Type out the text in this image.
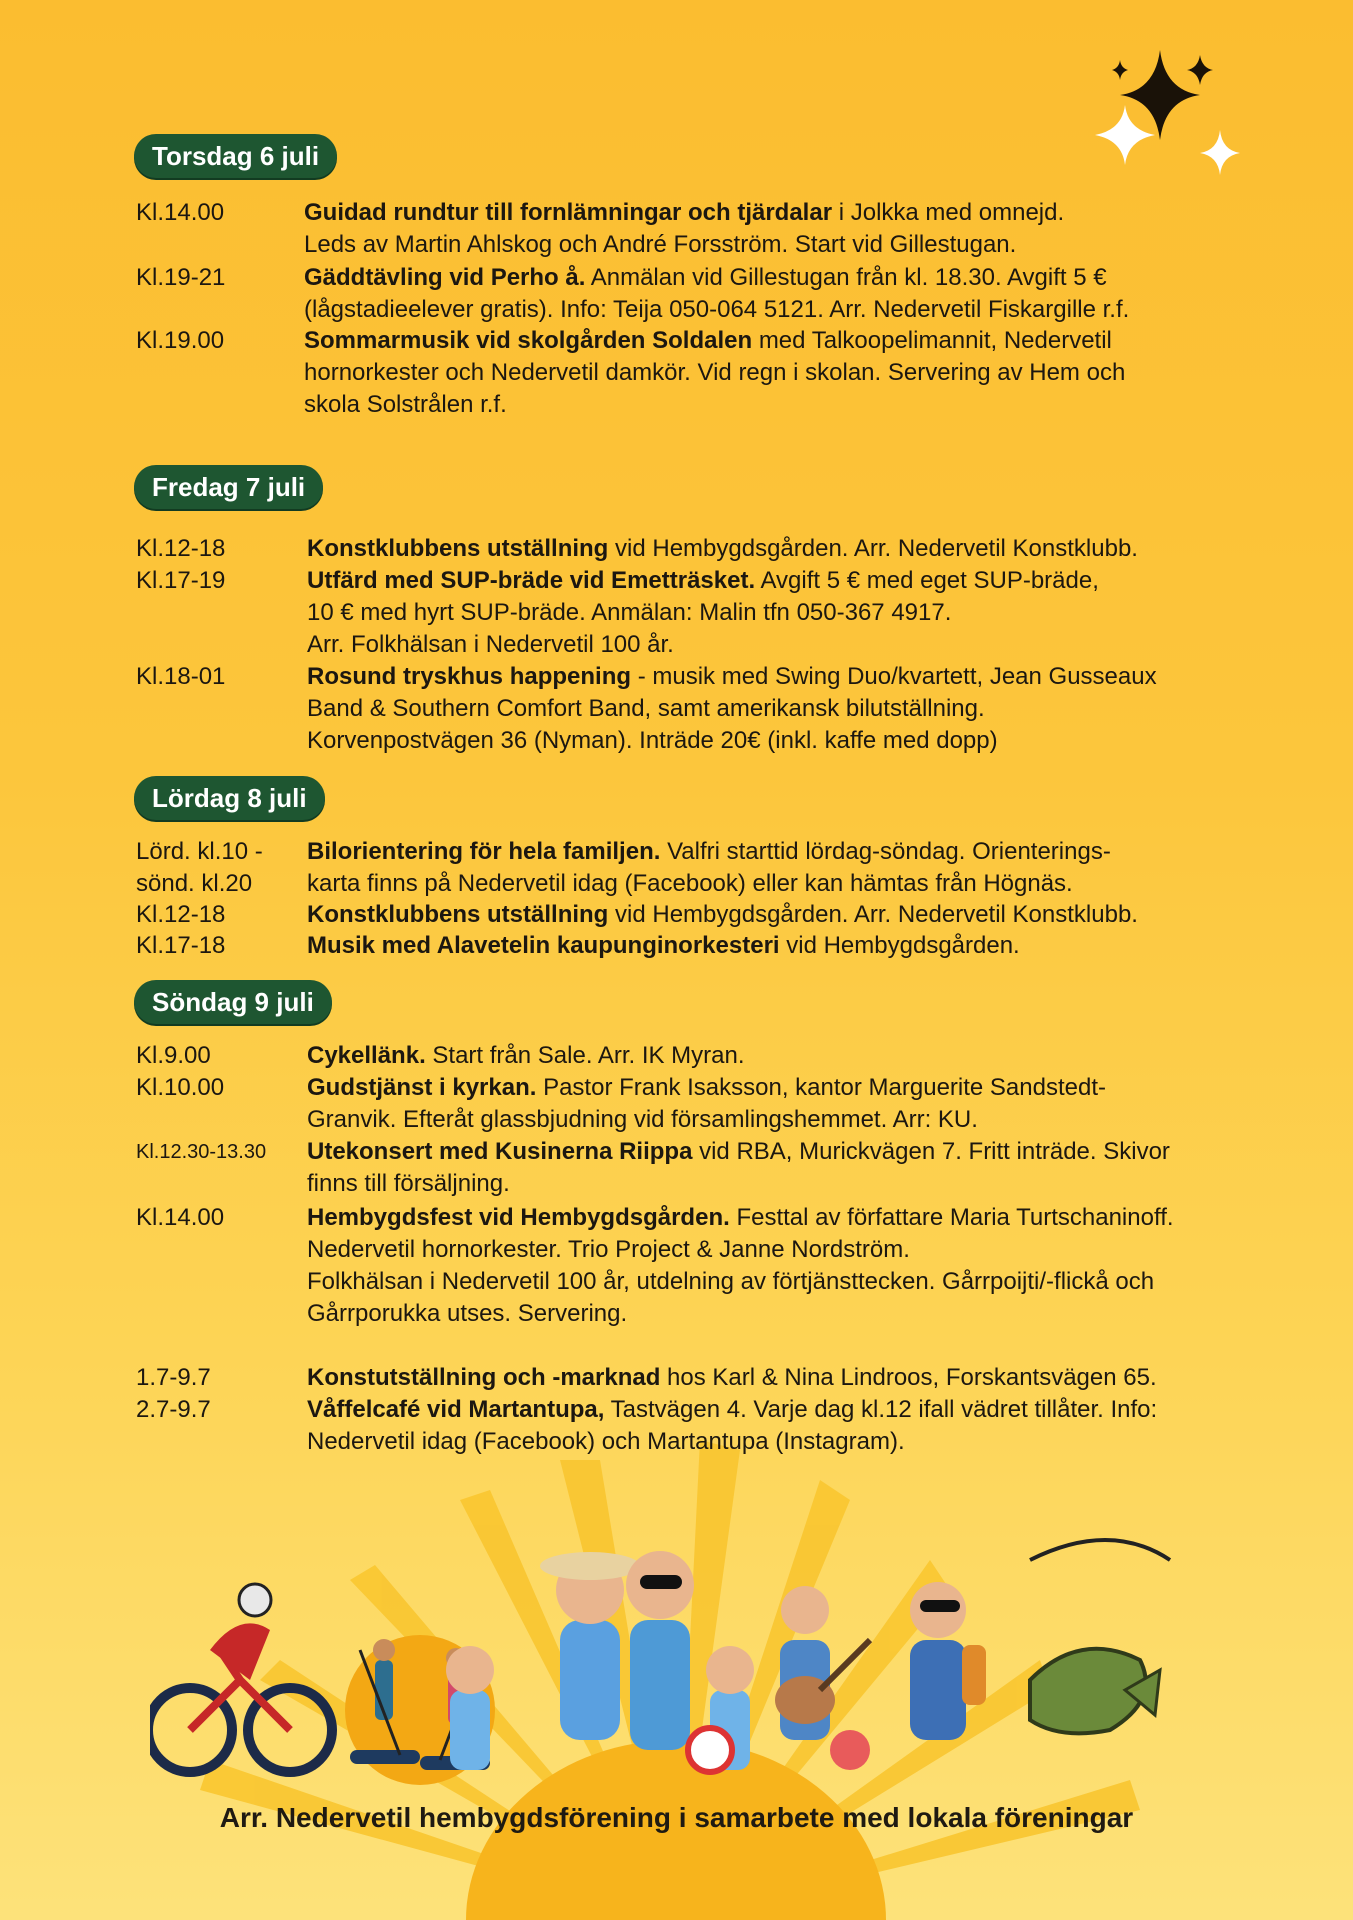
Torsdag 6 juli
Fredag 7 juli
Lördag 8 juli
Söndag 9 juli
Kl.14.00	Guidad rundtur till fornlämningar och tjärdalar i Jolkka med omnejd.
Leds av Martin Ahlskog och André Forsström. Start vid Gillestugan.
Kl.19-21	Gäddtävling vid Perho å. Anmälan vid Gillestugan från kl. 18.30. Avgift 5 €
(lågstadieelever gratis). Info: Teija 050-064 5121. Arr. Nedervetil Fiskargille r.f.
Kl.19.00	Sommarmusik vid skolgården Soldalen med Talkoopelimannit, Nedervetil
hornorkester och Nedervetil damkör. Vid regn i skolan. Servering av Hem och
skola Solstrålen r.f.
Kl.12-18	Konstklubbens utställning vid Hembygdsgården. Arr. Nedervetil Konstklubb.
Kl.17-19	Utfärd med SUP-bräde vid Emetträsket. Avgift 5 € med eget SUP-bräde,
10 € med hyrt SUP-bräde. Anmälan: Malin tfn 050-367 4917.
Arr. Folkhälsan i Nedervetil 100 år.
Kl.18-01	Rosund tryskhus happening - musik med Swing Duo/kvartett, Jean Gusseaux
Band & Southern Comfort Band, samt amerikansk bilutställning.
Korvenpostvägen 36 (Nyman). Inträde 20€ (inkl. kaffe med dopp)
Lörd. kl.10 -
sönd. kl.20
Bilorientering för hela familjen. Valfri starttid lördag-söndag. Orienterings-
karta finns på Nedervetil idag (Facebook) eller kan hämtas från Högnäs.
Kl.12-18	Konstklubbens utställning vid Hembygdsgården. Arr. Nedervetil Konstklubb.
Kl.17-18	Musik med Alavetelin kaupunginorkesteri vid Hembygdsgården.
Kl.9.00	Cykellänk. Start från Sale. Arr. IK Myran.
Kl.10.00	Gudstjänst i kyrkan. Pastor Frank Isaksson, kantor Marguerite Sandstedt-
Granvik. Efteråt glassbjudning vid församlingshemmet. Arr: KU.
Kl.12.30-13.30 Utekonsert med Kusinerna Riippa vid RBA, Murickvägen 7. Fritt inträde. Skivor
finns till försäljning.
Kl.14.00	Hembygdsfest vid Hembygdsgården. Festtal av författare Maria Turtschaninoff.
Nedervetil hornorkester. Trio Project & Janne Nordström.
Folkhälsan i Nedervetil 100 år, utdelning av förtjänsttecken. Gårrpoijti/-flickå och
Gårrporukka utses. Servering.
1.7-9.7	Konstutställning och -marknad hos Karl & Nina Lindroos, Forskantsvägen 65.
2.7-9.7	Våffelcafé vid Martantupa, Tastvägen 4. Varje dag kl.12 ifall vädret tillåter. Info:
Nedervetil idag (Facebook) och Martantupa (Instagram).
Arr. Nedervetil hembygdsförening i samarbete med lokala föreningar
